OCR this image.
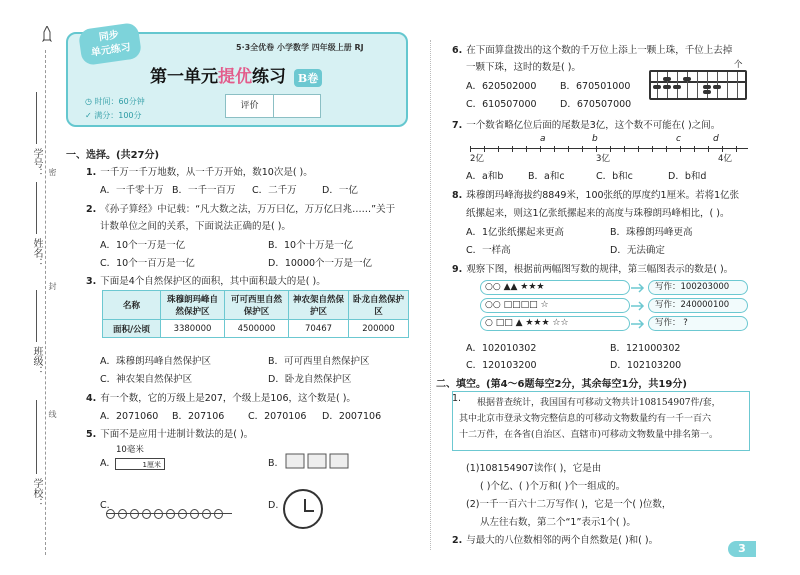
学号：
姓名：
班级：
学校：
密
封
线
同步
单元练习	5·3全优卷 小学数学 四年级上册 RJ
第一单元提优练习 B卷
◷ 时间：60分钟
✓ 满分：100分
评价
一、选择。(共27分)
1. 一千万一千万地数，从一千万开始，数10次是( )。
A．一千零十万 B．一千一百万 C．二千万	D．一亿
2. 《孙子算经》中记载：“凡大数之法，万万曰亿，万万亿曰兆……”关于
计数单位之间的关系，下面说法正确的是( )。
A．10个一万是一亿	B．10个十万是一亿
C．10个一百万是一亿	D．10000个一万是一亿
3. 下面是4个自然保护区的面积，其中面积最大的是( )。
名称	珠穆朗玛峰自然保护区	可可西里自然保护区	神农架自然保护区	卧龙自然保护区
面积/公顷	3380000	4500000	70467	200000
A．珠穆朗玛峰自然保护区	B．可可西里自然保护区
C．神农架自然保护区	D．卧龙自然保护区
4. 有一个数，它的万级上是207，个级上是106，这个数是( )。
A．2071060 B．207106 C．2070106 D．2007106
5. 下面不是应用十进制计数法的是( )。
A.
10毫米
1厘米	B.
C.	D.
6. 在下面算盘拨出的这个数的千万位上添上一颗上珠，千位上去掉
一颗下珠，这时的数是( )。
A．620502000 B．670501000
C．610507000 D．670507000
个
7. 一个数省略亿位后面的尾数是3亿，这个数不可能在( )之间。
2亿	3亿	4亿
a	b	c	d
A．a和b	B．a和c	C．b和c	D．b和d
8. 珠穆朗玛峰海拔约8849米，100张纸的厚度约1厘米。若将1亿张
纸摞起来，则这1亿张纸摞起来的高度与珠穆朗玛峰相比，( )。
A．1亿张纸摞起来更高	B．珠穆朗玛峰更高
C．一样高	D．无法确定
9. 观察下图，根据前两幅图写数的规律，第三幅图表示的数是( )。
○○ ▲▲ ★★★	写作：100203000
○○ □□□□ ☆	写作：240000100
○ □□ ▲ ★★★ ☆☆	写作： ?
A．102010302	B．121000302
C．120103200	D．102103200
二、填空。(第4～6题每空2分，其余每空1分，共19分)
1.	根据普查统计，我国国有可移动文物共计108154907件/套，
其中北京市登录文物完整信息的可移动文物数量约有一千一百六
十二万件，在各省(自治区、直辖市)可移动文物数量中排名第一。
(1)108154907读作( )，它是由
( )个亿、( )个万和( )个一组成的。
(2)一千一百六十二万写作( )，它是一个( )位数，
从左往右数，第二个“1”表示1个( )。
2. 与最大的八位数相邻的两个自然数是( )和( )。
3
